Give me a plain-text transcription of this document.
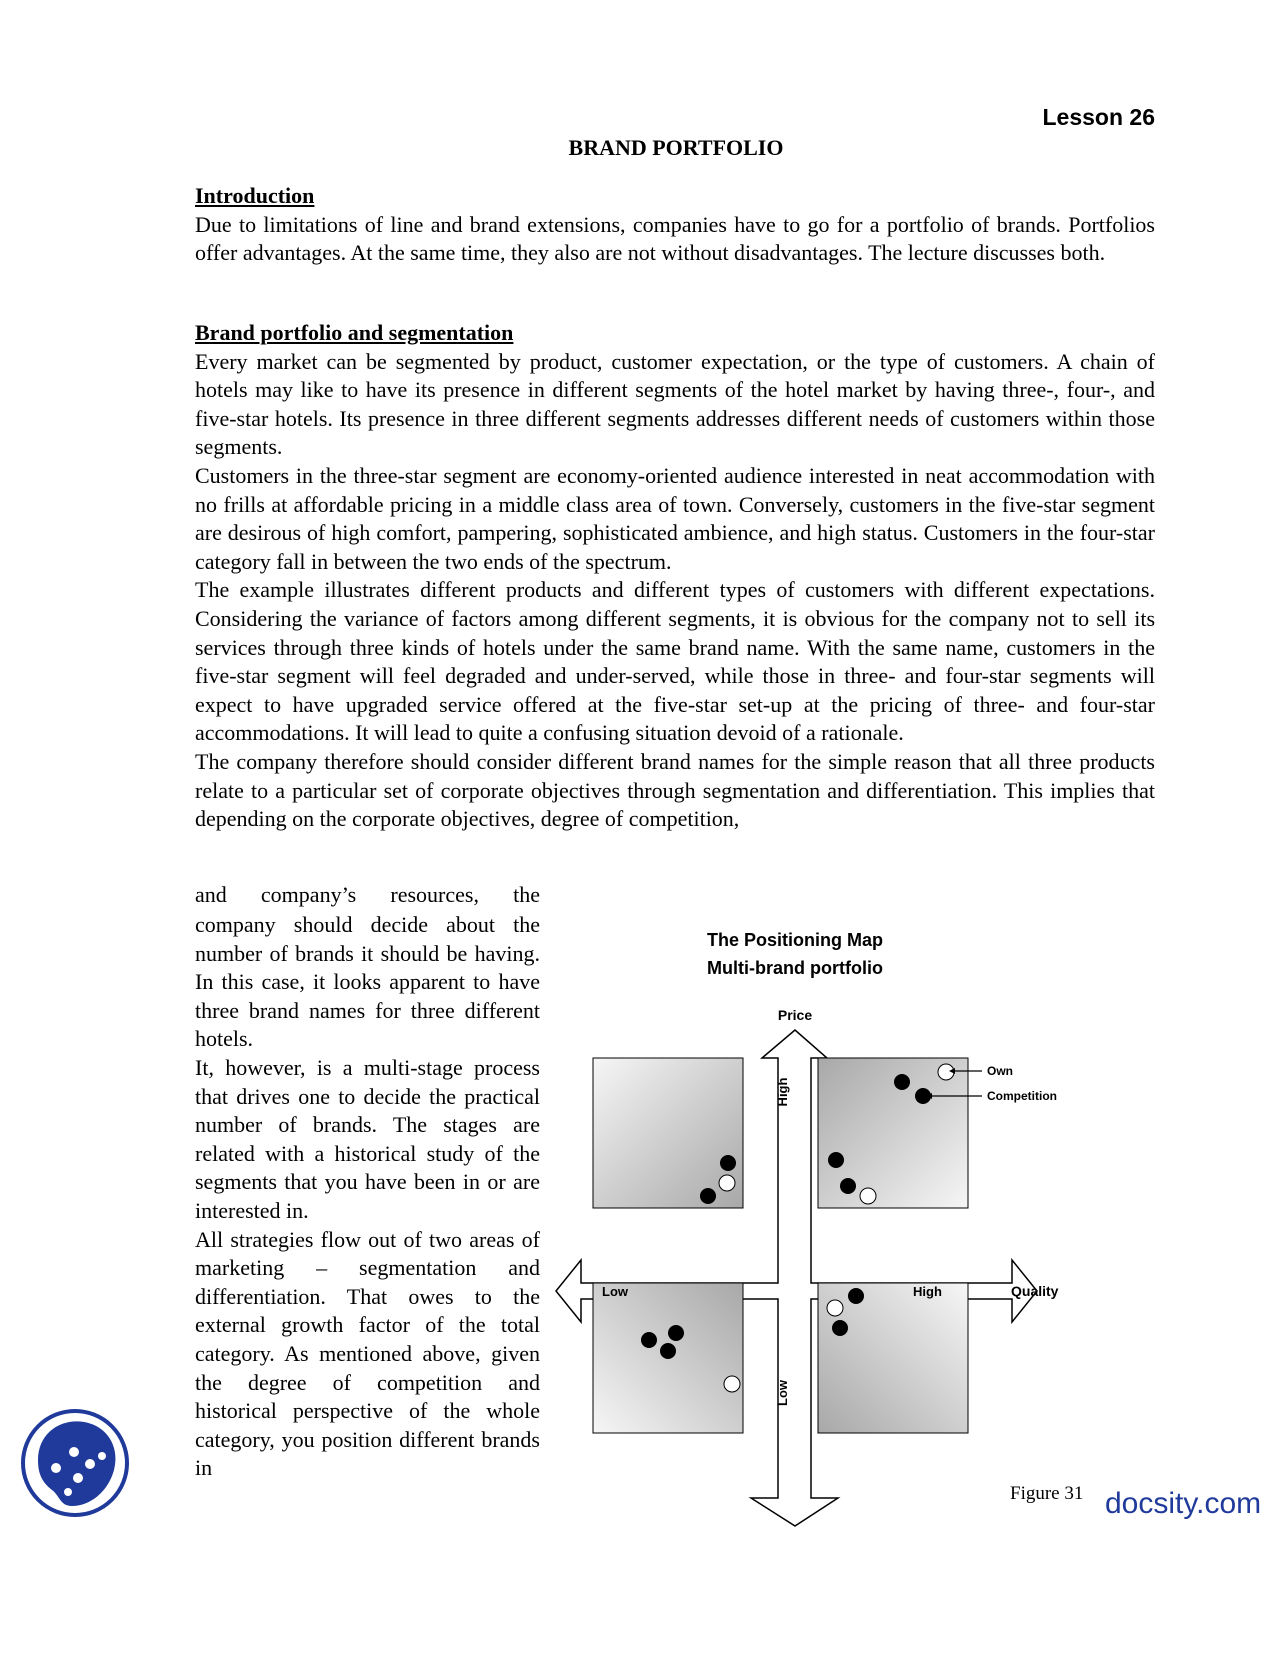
Lesson 26
BRAND PORTFOLIO

Introduction

Due to limitations of line and brand extensions, companies have to go for a portfolio of brands. Portfolios offer advantages. At the same time, they also are not without disadvantages. The lecture discusses both.

Brand portfolio and segmentation

Every market can be segmented by product, customer expectation, or the type of customers. A chain of hotels may like to have its presence in different segments of the hotel market by having three-, four-, and five-star hotels. Its presence in three different segments addresses different needs of customers within those segments.

Customers in the three-star segment are economy-oriented audience interested in neat accommodation with no frills at affordable pricing in a middle class area of town. Conversely, customers in the five-star segment are desirous of high comfort, pampering, sophisticated ambience, and high status. Customers in the four-star category fall in between the two ends of the spectrum.

The example illustrates different products and different types of customers with different expectations. Considering the variance of factors among different segments, it is obvious for the company not to sell its services through three kinds of hotels under the same brand name. With the same name, customers in the five-star segment will feel degraded and under-served, while those in three- and four-star segments will expect to have upgraded service offered at the five-star set-up at the pricing of three- and four-star accommodations. It will lead to quite a confusing situation devoid of a rationale.

The company therefore should consider different brand names for the simple reason that all three products relate to a particular set of corporate objectives through segmentation and differentiation. This implies that depending on the corporate objectives, degree of competition,

and company’s resources, the

company should decide about the number of brands it should be having. In this case, it looks apparent to have three brand names for three different hotels.

It, however, is a multi-stage process that drives one to decide the practical number of brands. The stages are related with a historical study of the segments that you have been in or are interested in.

All strategies flow out of two areas of marketing – segmentation and differentiation. That owes to the external growth factor of the total category. As mentioned above, given the degree of competition and historical perspective of the whole category, you position different brands in

The Positioning Map
Multi-brand portfolio
Price
High
Low
Low	High	Quality
Own
Competition
Figure 31 docsity.com
